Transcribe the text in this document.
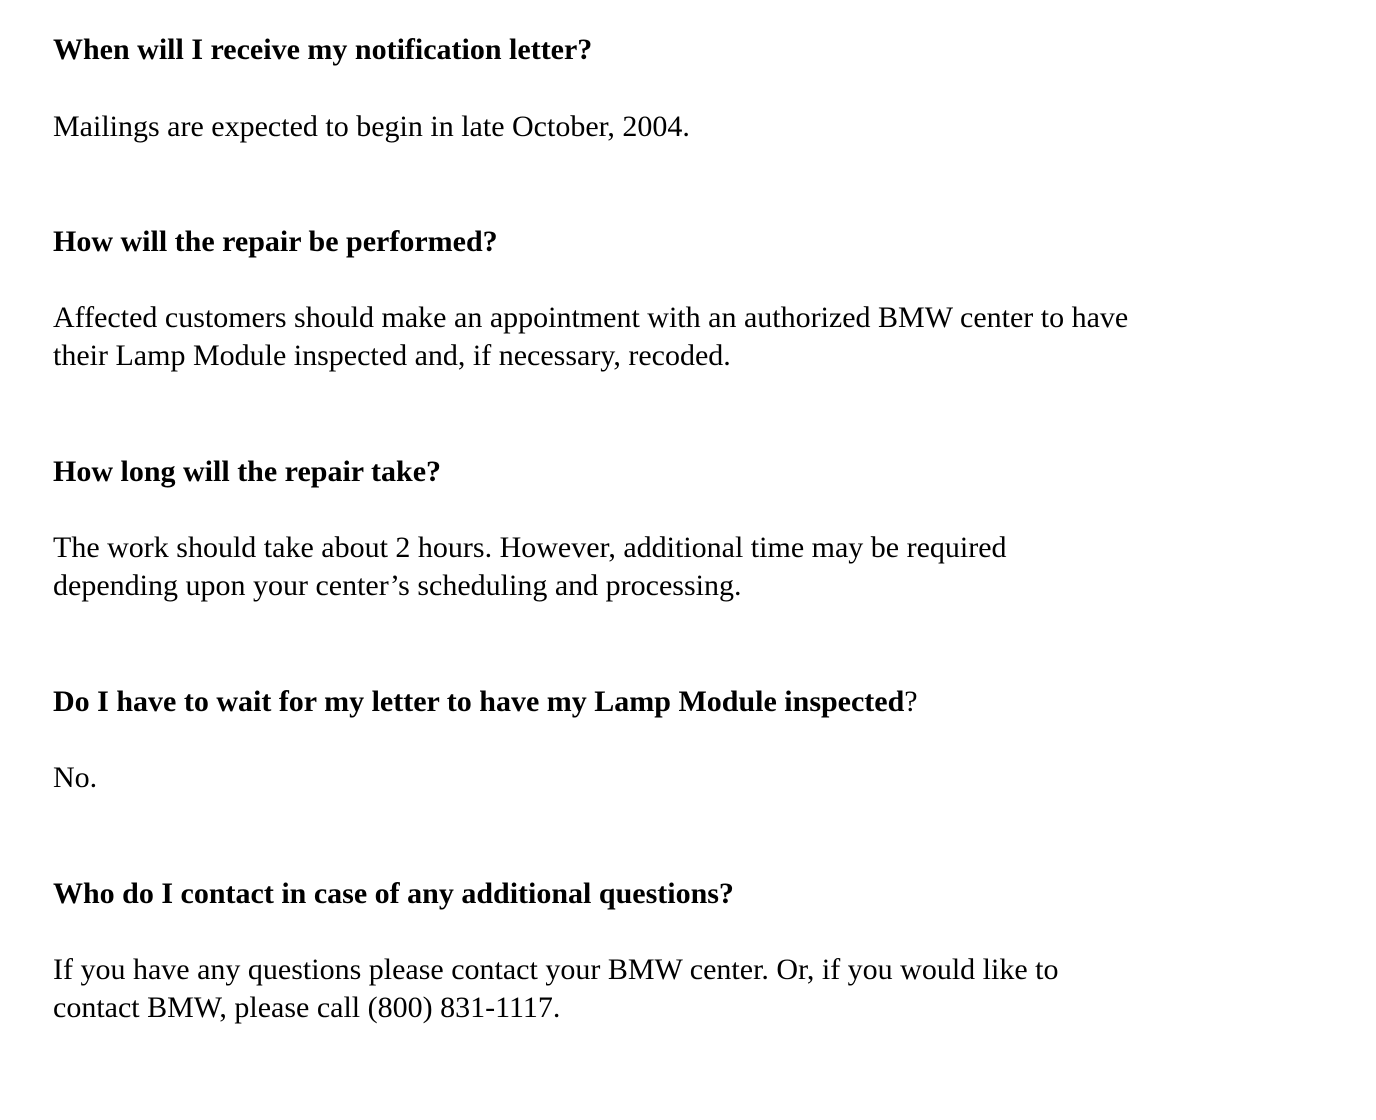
When will I receive my notification letter?

Mailings are expected to begin in late October, 2004.

How will the repair be performed?

Affected customers should make an appointment with an authorized BMW center to have

their Lamp Module inspected and, if necessary, recoded.

How long will the repair take?

The work should take about 2 hours. However, additional time may be required

depending upon your center’s scheduling and processing.

Do I have to wait for my letter to have my Lamp Module inspected?

No.

Who do I contact in case of any additional questions?

If you have any questions please contact your BMW center. Or, if you would like to

contact BMW, please call (800) 831-1117.
